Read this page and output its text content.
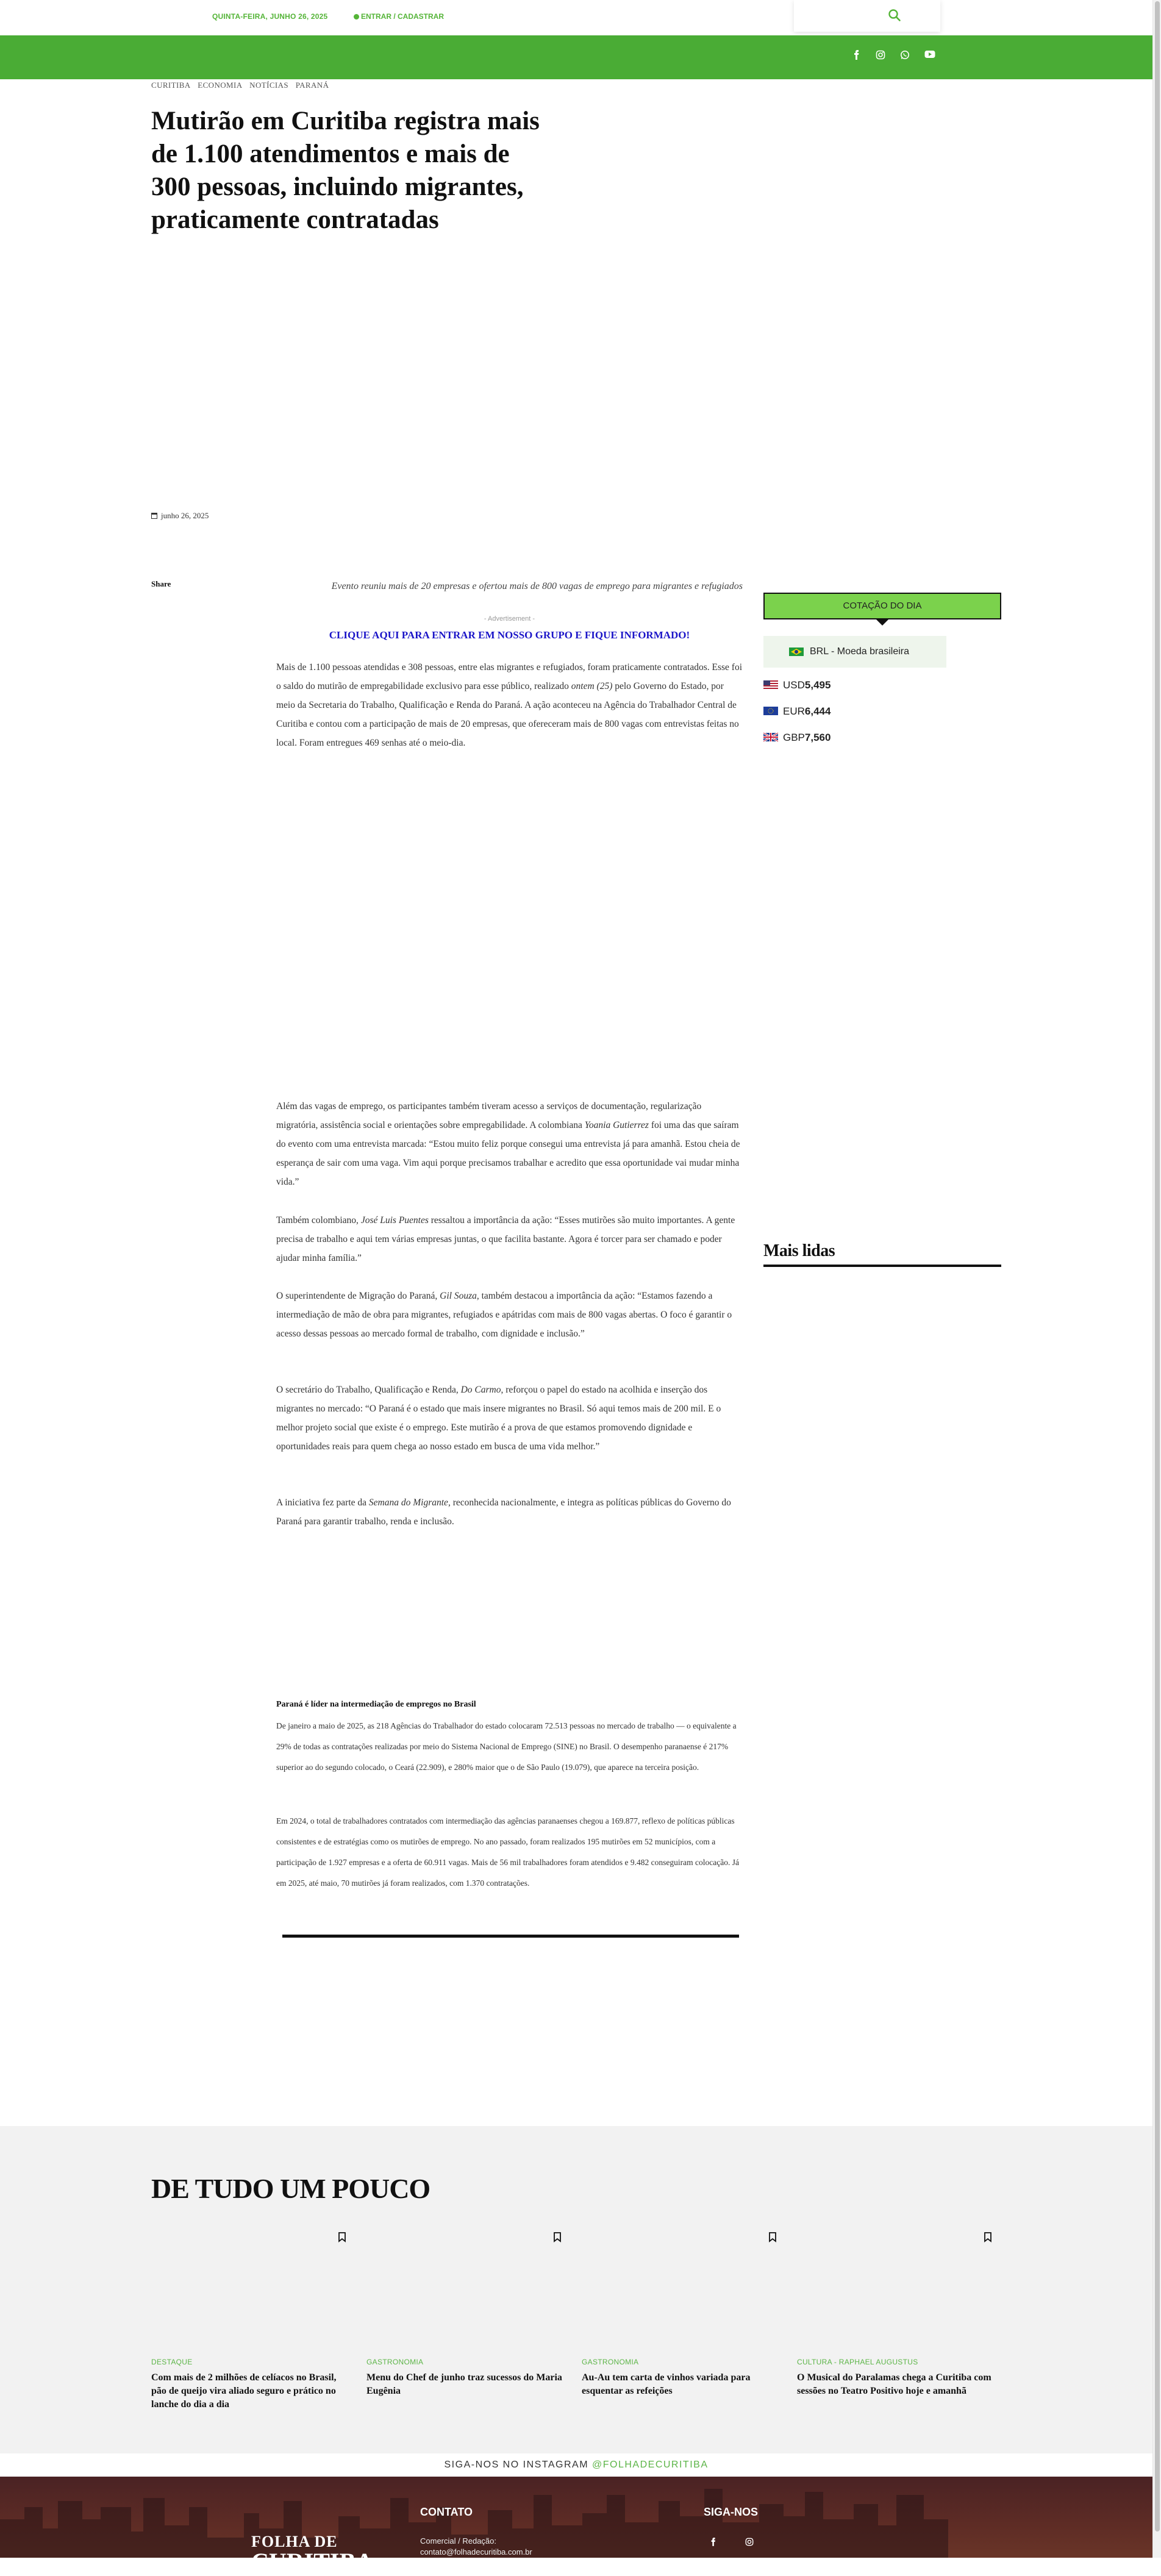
QUINTA-FEIRA, JUNHO 26, 2025	ENTRAR / CADASTRAR
CURITIBA ECONOMIA NOTÍCIAS PARANÁ
Mutirão em Curitiba registra mais de 1.100 atendimentos e mais de 300 pessoas, incluindo migrantes, praticamente contratadas
junho 26, 2025
Share	Evento reuniu mais de 20 empresas e ofertou mais de 800 vagas de emprego para migrantes e refugiados
- Advertisement -
CLIQUE AQUI PARA ENTRAR EM NOSSO GRUPO E FIQUE INFORMADO!

Mais de 1.100 pessoas atendidas e 308 pessoas, entre elas migrantes e refugiados, foram praticamente contratados. Esse foi o saldo do mutirão de empregabilidade exclusivo para esse público, realizado ontem (25) pelo Governo do Estado, por meio da Secretaria do Trabalho, Qualificação e Renda do Paraná. A ação aconteceu na Agência do Trabalhador Central de Curitiba e contou com a participação de mais de 20 empresas, que ofereceram mais de 800 vagas com entrevistas feitas no local. Foram entregues 469 senhas até o meio-dia.

Além das vagas de emprego, os participantes também tiveram acesso a serviços de documentação, regularização migratória, assistência social e orientações sobre empregabilidade. A colombiana Yoania Gutierrez foi uma das que saíram do evento com uma entrevista marcada: “Estou muito feliz porque consegui uma entrevista já para amanhã. Estou cheia de esperança de sair com uma vaga. Vim aqui porque precisamos trabalhar e acredito que essa oportunidade vai mudar minha vida.”

Também colombiano, José Luis Puentes ressaltou a importância da ação: “Esses mutirões são muito importantes. A gente precisa de trabalho e aqui tem várias empresas juntas, o que facilita bastante. Agora é torcer para ser chamado e poder ajudar minha família.”

O superintendente de Migração do Paraná, Gil Souza, também destacou a importância da ação: “Estamos fazendo a intermediação de mão de obra para migrantes, refugiados e apátridas com mais de 800 vagas abertas. O foco é garantir o acesso dessas pessoas ao mercado formal de trabalho, com dignidade e inclusão.”

O secretário do Trabalho, Qualificação e Renda, Do Carmo, reforçou o papel do estado na acolhida e inserção dos migrantes no mercado: “O Paraná é o estado que mais insere migrantes no Brasil. Só aqui temos mais de 200 mil. E o melhor projeto social que existe é o emprego. Este mutirão é a prova de que estamos promovendo dignidade e oportunidades reais para quem chega ao nosso estado em busca de uma vida melhor.”

A iniciativa fez parte da Semana do Migrante, reconhecida nacionalmente, e integra as políticas públicas do Governo do Paraná para garantir trabalho, renda e inclusão.

Paraná é líder na intermediação de empregos no Brasil

De janeiro a maio de 2025, as 218 Agências do Trabalhador do estado colocaram 72.513 pessoas no mercado de trabalho — o equivalente a 29% de todas as contratações realizadas por meio do Sistema Nacional de Emprego (SINE) no Brasil. O desempenho paranaense é 217% superior ao do segundo colocado, o Ceará (22.909), e 280% maior que o de São Paulo (19.079), que aparece na terceira posição.

Em 2024, o total de trabalhadores contratados com intermediação das agências paranaenses chegou a 169.877, reflexo de políticas públicas consistentes e de estratégias como os mutirões de emprego. No ano passado, foram realizados 195 mutirões em 52 municípios, com a participação de 1.927 empresas e a oferta de 60.911 vagas. Mais de 56 mil trabalhadores foram atendidos e 9.482 conseguiram colocação. Já em 2025, até maio, 70 mutirões já foram realizados, com 1.370 contratações.

COTAÇÃO DO DIA
BRL - Moeda brasileira
USD5,495
EUR6,444
GBP7,560
Mais lidas
DE TUDO UM POUCO
DESTAQUE
Com mais de 2 milhões de celíacos no Brasil, pão de queijo vira aliado seguro e prático no lanche do dia a dia
GASTRONOMIA
Menu do Chef de junho traz sucessos do Maria Eugênia
GASTRONOMIA
Au-Au tem carta de vinhos variada para esquentar as refeições
CULTURA - RAPHAEL AUGUSTUS
O Musical do Paralamas chega a Curitiba com sessões no Teatro Positivo hoje e amanhã
SIGA-NOS NO INSTAGRAM @FOLHADECURITIBA
FOLHA DE
CURITIBA
CONTATO
Comercial / Redação:
contato@folhadecuritiba.com.br
SIGA-NOS
